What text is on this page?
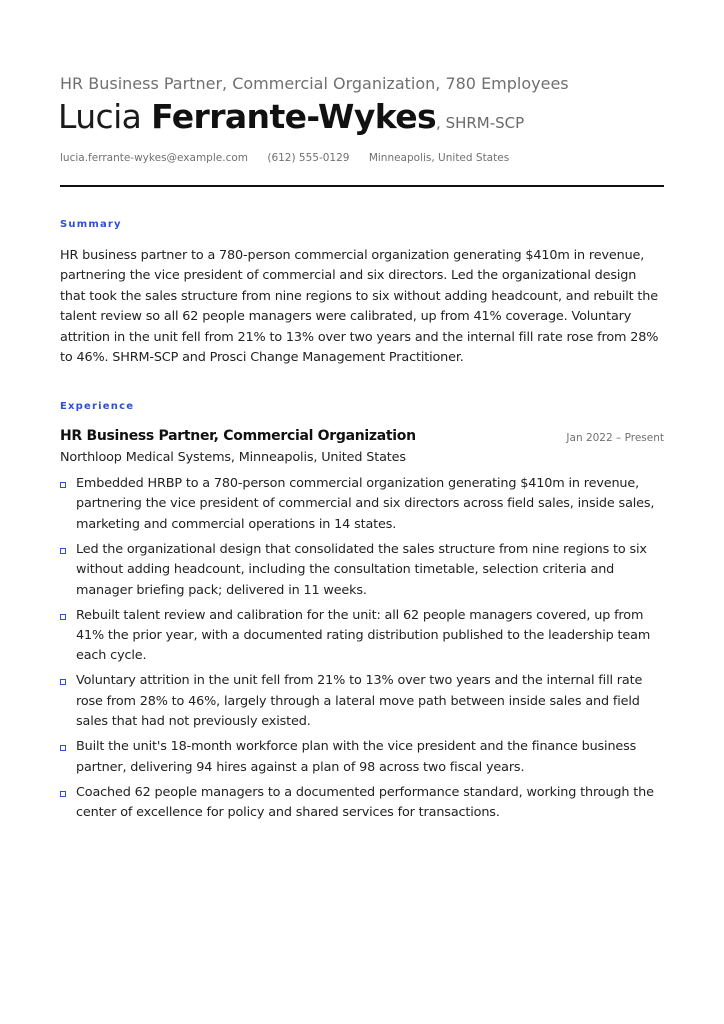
HR Business Partner, Commercial Organization, 780 Employees
Lucia Ferrante-Wykes, SHRM-SCP
lucia.ferrante-wykes@example.com (612) 555-0129 Minneapolis, United States
Summary
HR business partner to a 780-person commercial organization generating $410m in revenue, partnering the vice president of commercial and six directors. Led the organizational design that took the sales structure from nine regions to six without adding headcount, and rebuilt the talent review so all 62 people managers were calibrated, up from 41% coverage. Voluntary attrition in the unit fell from 21% to 13% over two years and the internal fill rate rose from 28% to 46%. SHRM-SCP and Prosci Change Management Practitioner.
Experience
HR Business Partner, Commercial Organization	Jan 2022 – Present
Northloop Medical Systems, Minneapolis, United States
Embedded HRBP to a 780-person commercial organization generating $410m in revenue, partnering the vice president of commercial and six directors across field sales, inside sales, marketing and commercial operations in 14 states.
Led the organizational design that consolidated the sales structure from nine regions to six without adding headcount, including the consultation timetable, selection criteria and manager briefing pack; delivered in 11 weeks.
Rebuilt talent review and calibration for the unit: all 62 people managers covered, up from 41% the prior year, with a documented rating distribution published to the leadership team each cycle.
Voluntary attrition in the unit fell from 21% to 13% over two years and the internal fill rate rose from 28% to 46%, largely through a lateral move path between inside sales and field sales that had not previously existed.
Built the unit's 18-month workforce plan with the vice president and the finance business partner, delivering 94 hires against a plan of 98 across two fiscal years.
Coached 62 people managers to a documented performance standard, working through the center of excellence for policy and shared services for transactions.
